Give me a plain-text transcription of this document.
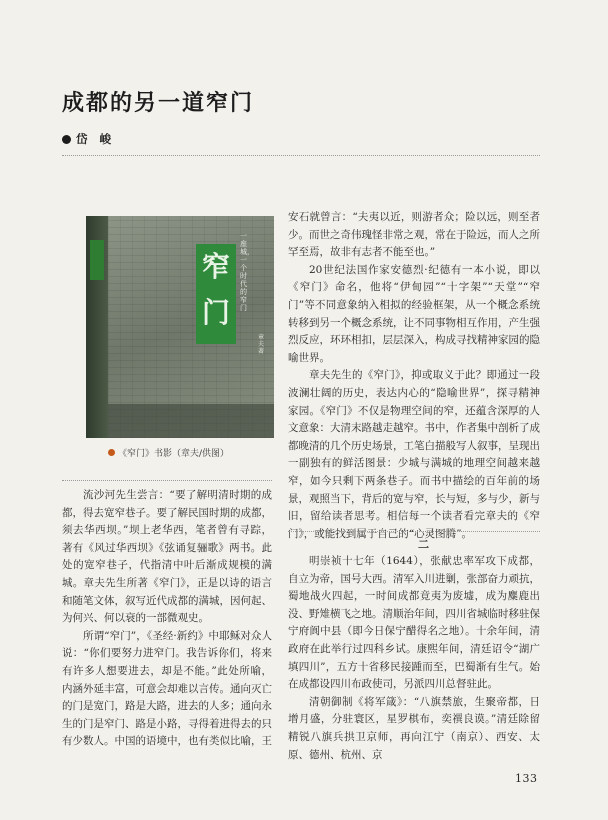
成都的另一道窄门
岱 峻
窄门
一座城，一个时代的窄门
章夫 著
《窄门》书影（章夫/供图）

流沙河先生尝言：“要了解明清时期的成都，得去宽窄巷子。要了解民国时期的成都，须去华西坝。”坝上老华西，笔者曾有寻踪，著有《风过华西坝》《弦诵复骊歌》两书。此处的宽窄巷子，代指清中叶后渐成规模的满城。章夫先生所著《窄门》，正是以诗的语言和随笔文体，叙写近代成都的满城，因何起、为何兴、何以衰的一部微观史。

所谓“窄门”，《圣经·新约》中耶稣对众人说：“你们要努力进窄门。我告诉你们，将来有许多人想要进去，却是不能。”此处所喻，内涵外延丰富，可意会却难以言传。通向灭亡的门是宽门，路是大路，进去的人多；通向永生的门是窄门、路是小路，寻得着进得去的只有少数人。中国的语境中，也有类似比喻，王

安石就曾言：“夫夷以近，则游者众；险以远，则至者少。而世之奇伟瑰怪非常之观，常在于险远，而人之所罕至焉，故非有志者不能至也。”

20世纪法国作家安德烈·纪德有一本小说，即以《窄门》命名，他将“伊甸园”“十字架”“天堂”“窄门”等不同意象纳入相拟的经验框架，从一个概念系统转移到另一个概念系统，让不同事物相互作用，产生强烈反应，环环相扣，层层深入，构成寻找精神家园的隐喻世界。

章夫先生的《窄门》，抑或取义于此？即通过一段波澜壮阔的历史，表达内心的“隐喻世界”，探寻精神家园。《窄门》不仅是物理空间的窄，还蕴含深厚的人文意象：大清末路越走越窄。书中，作者集中剖析了成都晚清的几个历史场景，工笔白描般写人叙事，呈现出一副独有的鲜活图景：少城与满城的地理空间越来越窄，如今只剩下两条巷子。而书中描绘的百年前的场景，观照当下，背后的宽与窄，长与短，多与少，新与旧，留给读者思考。相信每一个读者看完章夫的《窄门》，或能找到属于自己的“心灵图腾”。

二

明崇祯十七年（1644），张献忠率军攻下成都，自立为帝，国号大西。清军入川进剿，张部奋力顽抗，蜀地战火四起，一时间成都竟夷为废墟，成为麋鹿出没、野雉横飞之地。清顺治年间，四川省城临时移驻保宁府阆中县（即今日保宁醋得名之地）。十余年间，清政府在此举行过四科乡试。康熙年间，清廷诏令“湖广填四川”，五方十省移民接踵而至，巴蜀渐有生气。始在成都设四川布政使司，另派四川总督驻此。

清朝御制《将军箴》：“八旗禁旅，生聚帝都，日增月盛，分驻寰区，星罗棋布，奕禩良谟。”清廷除留精锐八旗兵拱卫京师，再向江宁（南京）、西安、太原、德州、杭州、京

133
